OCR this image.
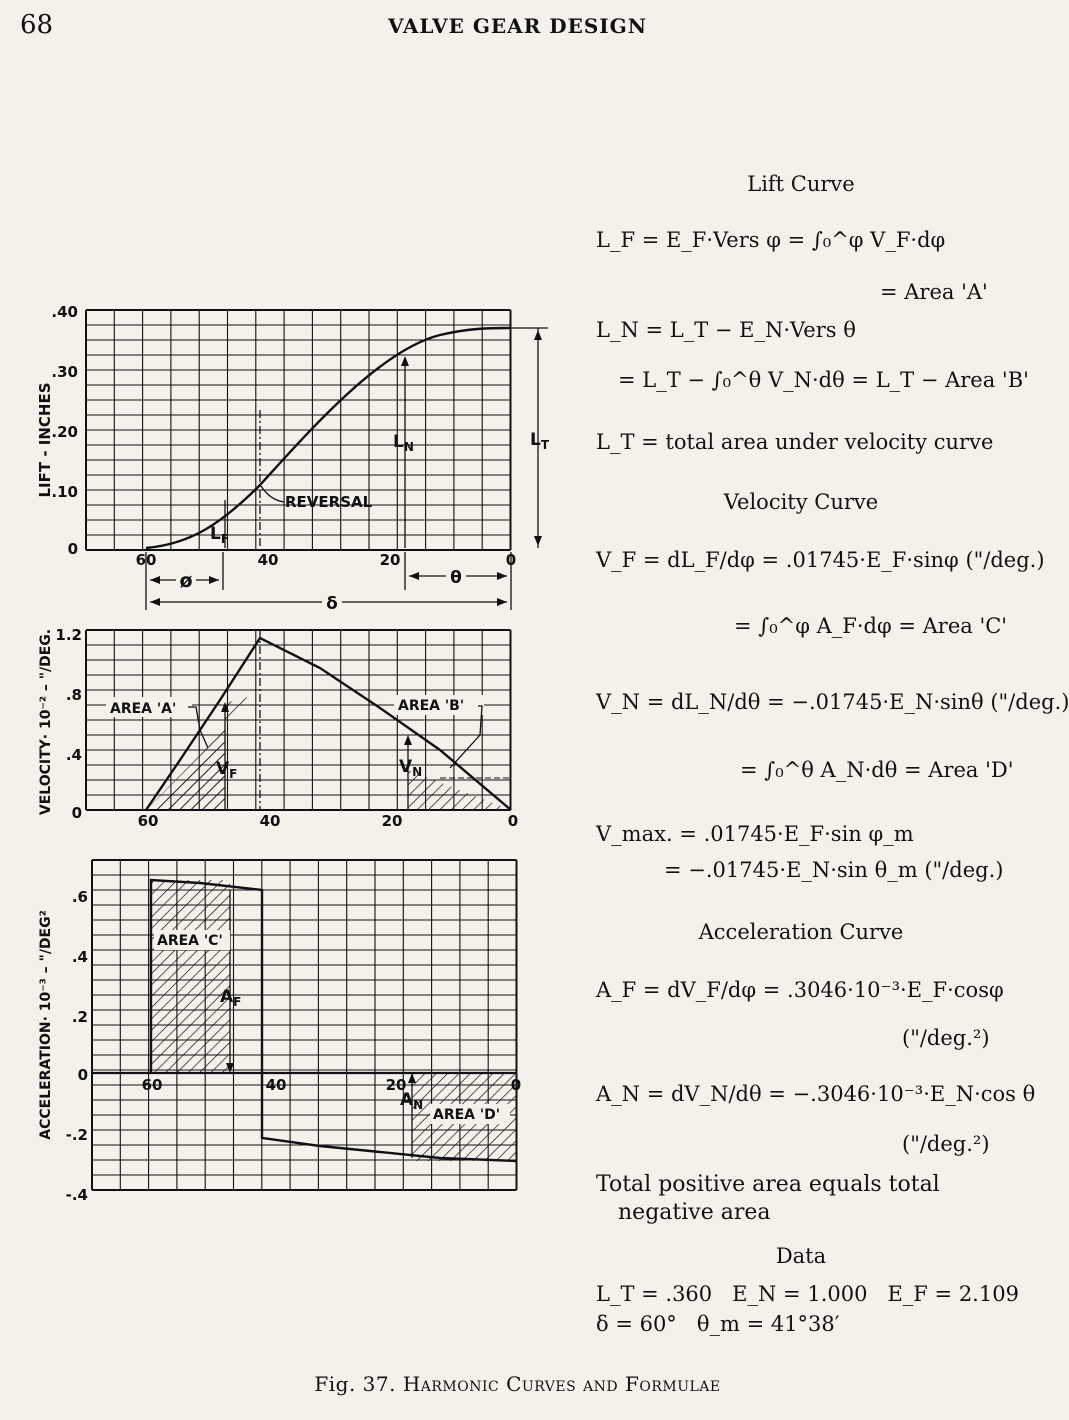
68	VALVE GEAR DESIGN
LIFT - INCHES
.40
.30
.20
.10
0
60	40	20	0
REVERSAL
$L_F$
$L_N$	$L_T$
ø	θ
δ
VELOCITY· 10⁻² – "/DEG. 1.2
.8
.4
0	60	40	20	0
AREA 'A'	AREA 'B'
$V_F$	$V_N$
ACCELERATION· 10⁻³ – "/DEG²
.6
.4
.2
0
-.2
-.4
60	40	20	0
AREA 'C'
$A_F$
AREA 'D'
$A_N$
Lift Curve
L_F = E_F·Vers φ = ∫₀^φ V_F·dφ
= Area 'A'
L_N = L_T − E_N·Vers θ
= L_T − ∫₀^θ V_N·dθ = L_T − Area 'B'
L_T = total area under velocity curve
Velocity Curve
V_F = dL_F/dφ = .01745·E_F·sinφ ("/deg.)
= ∫₀^φ A_F·dφ = Area 'C'
V_N = dL_N/dθ = −.01745·E_N·sinθ ("/deg.)
= ∫₀^θ A_N·dθ = Area 'D'
V_max. = .01745·E_F·sin φ_m
= −.01745·E_N·sin θ_m ("/deg.)
Acceleration Curve
A_F = dV_F/dφ = .3046·10⁻³·E_F·cosφ
("/deg.²)
A_N = dV_N/dθ = −.3046·10⁻³·E_N·cos θ
("/deg.²)
Total positive area equals total
negative area
Data
L_T = .360   E_N = 1.000   E_F = 2.109
δ = 60°   θ_m = 41°38′
Fig. 37. Harmonic Curves and Formulae
